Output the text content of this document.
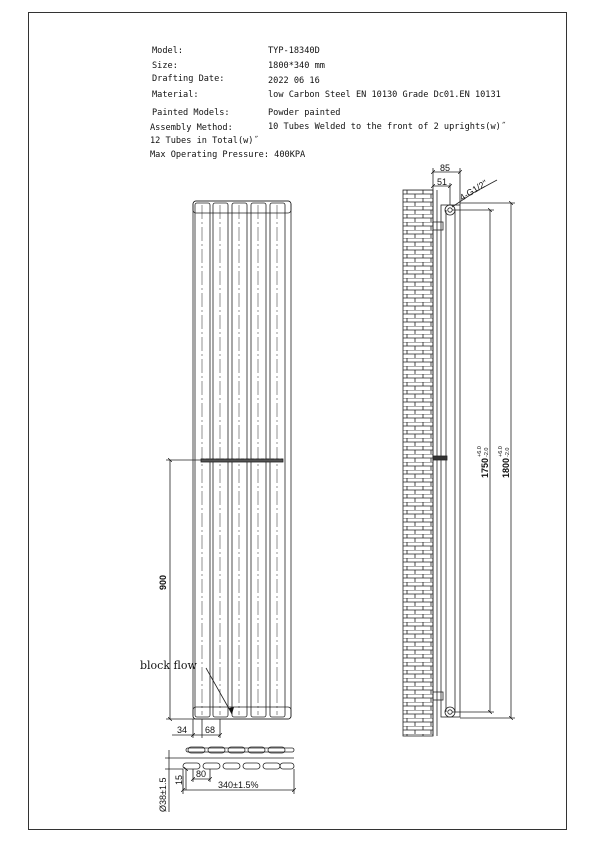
Model:	TYP-18340D
Size:	1800*340 mm
Drafting Date:	2022 06 16
Material:	low Carbon Steel EN 10130 Grade Dc01.EN 10131
Painted Models:	Powder painted
Assembly Method:	10 Tubes Welded to the front of 2 uprights(w)˝
12 Tubes in Total(w)˝
Max Operating Pressure: 400KPA
900
34 68
85
51 4-G1/2"
1750
+6.0 -2.0
1800
+6.0 -2.0
Ø38±1.5 15
80
340±1.5%
block flow
